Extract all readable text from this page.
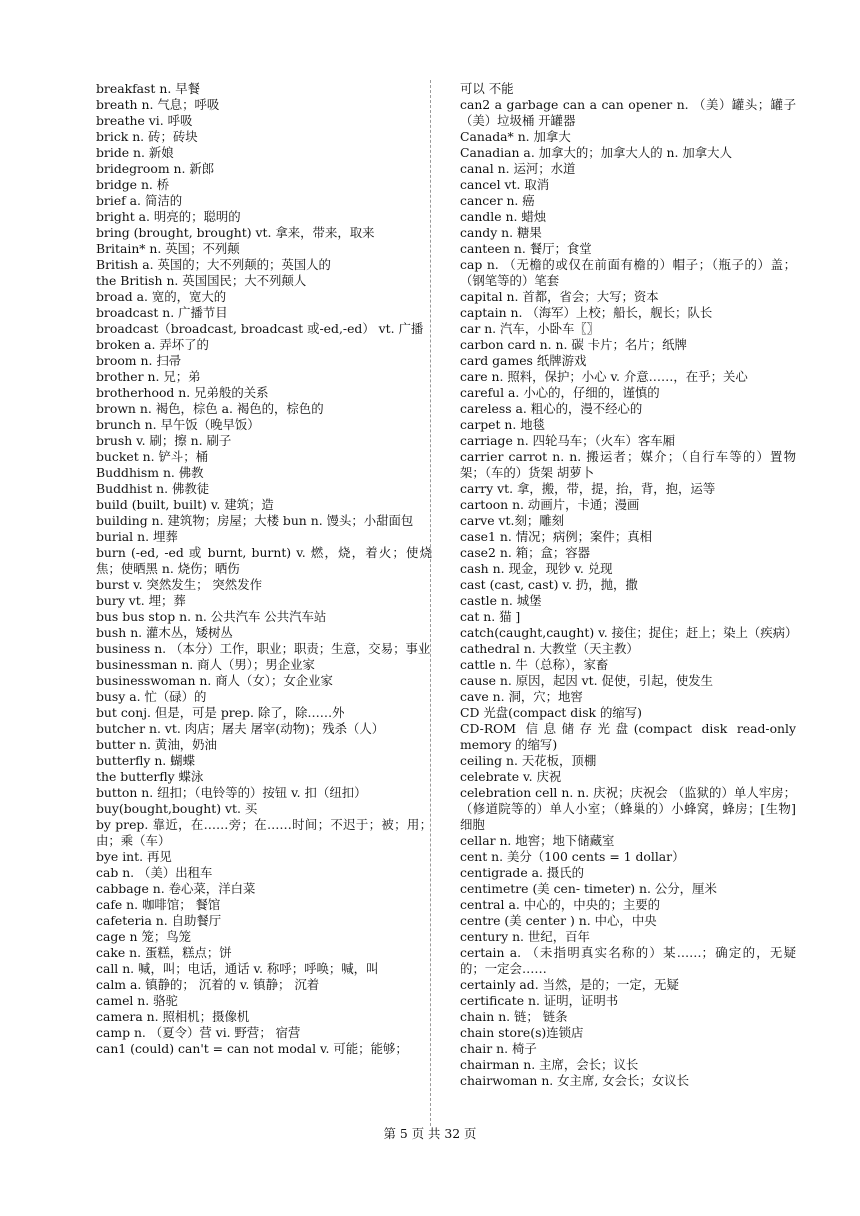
breakfast n. 早餐
breath n. 气息；呼吸
breathe vi. 呼吸
brick n. 砖；砖块
bride n. 新娘
bridegroom n. 新郎
bridge n. 桥
brief a. 简洁的
bright a. 明亮的；聪明的
bring (brought, brought) vt. 拿来，带来，取来
Britain* n. 英国；不列颠
British a. 英国的；大不列颠的；英国人的
the British n. 英国国民；大不列颠人
broad a. 宽的，宽大的
broadcast n. 广播节目
broadcast（broadcast, broadcast 或-ed,-ed） vt. 广播
broken a. 弄坏了的
broom n. 扫帚
brother n. 兄；弟
brotherhood n. 兄弟般的关系
brown n. 褐色，棕色 a. 褐色的，棕色的
brunch n. 早午饭（晚早饭）
brush v. 刷；擦 n. 刷子
bucket n. 铲斗；桶
Buddhism n. 佛教
Buddhist n. 佛教徒
build (built, built) v. 建筑；造
building n. 建筑物；房屋；大楼 bun n. 馒头；小甜面包
burial n. 埋葬
burn (-ed, -ed 或 burnt, burnt) v. 燃，烧，着火；使烧焦；使晒黑 n. 烧伤；晒伤
burst v. 突然发生； 突然发作
bury vt. 埋；葬
bus bus stop n. n. 公共汽车 公共汽车站
bush n. 灌木丛，矮树丛
business n. （本分）工作，职业；职责；生意，交易；事业
businessman n. 商人（男）；男企业家
businesswoman n. 商人（女）；女企业家
busy a. 忙（碌）的
but conj. 但是，可是 prep. 除了，除……外
butcher n. vt. 肉店；屠夫 屠宰(动物)；残杀（人）
butter n. 黄油，奶油
butterfly n. 蝴蝶
the butterfly 蝶泳
button n. 纽扣；（电铃等的）按钮 v. 扣（纽扣）
buy(bought,bought) vt. 买
by prep. 靠近，在……旁；在……时间；不迟于；被；用；由；乘（车）
bye int. 再见
cab n. （美）出租车
cabbage n. 卷心菜，洋白菜
cafe n. 咖啡馆； 餐馆
cafeteria n. 自助餐厅
cage n 笼；鸟笼
cake n. 蛋糕，糕点；饼
call n. 喊，叫；电话，通话 v. 称呼；呼唤；喊，叫
calm a. 镇静的； 沉着的 v. 镇静； 沉着
camel n. 骆驼
camera n. 照相机；摄像机
camp n. （夏令）营 vi. 野营； 宿营
can1 (could) can't = can not modal v. 可能；能够；
可以 不能
can2 a garbage can a can opener n. （美）罐头；罐子 （美）垃圾桶 开罐器
Canada* n. 加拿大
Canadian a. 加拿大的；加拿大人的 n. 加拿大人
canal n. 运河；水道
cancel vt. 取消
cancer n. 癌
candle n. 蜡烛
candy n. 糖果
canteen n. 餐厅；食堂
cap n. （无檐的或仅在前面有檐的）帽子；（瓶子的）盖；（钢笔等的）笔套
capital n. 首都，省会；大写；资本
captain n. （海军）上校；船长，舰长；队长
car n. 汽车，小卧车〖〗
carbon card n. n. 碳 卡片；名片；纸牌
card games 纸牌游戏
care n. 照料，保护；小心 v. 介意……，在乎；关心
careful a. 小心的，仔细的，谨慎的
careless a. 粗心的，漫不经心的
carpet n. 地毯
carriage n. 四轮马车；（火车）客车厢
carrier carrot n. n. 搬运者；媒介；（自行车等的）置物架；（车的）货架 胡萝卜
carry vt. 拿，搬，带，提，抬，背，抱，运等
cartoon n. 动画片，卡通；漫画
carve vt.刻；雕刻
case1 n. 情况；病例；案件；真相
case2 n. 箱；盒；容器
cash n. 现金，现钞 v. 兑现
cast (cast, cast) v. 扔，抛，撒
castle n. 城堡
cat n. 猫 ]
catch(caught,caught) v. 接住；捉住；赶上；染上（疾病）
cathedral n. 大教堂（天主教）
cattle n. 牛（总称），家畜
cause n. 原因，起因 vt. 促使，引起，使发生
cave n. 洞，穴；地窖
CD 光盘(compact disk 的缩写)
CD-ROM 信息储存光盘(compact disk read-only memory 的缩写)
ceiling n. 天花板，顶棚
celebrate v. 庆祝
celebration cell n. n. 庆祝；庆祝会 （监狱的）单人牢房；（修道院等的）单人小室；（蜂巢的）小蜂窝，蜂房；[生物] 细胞
cellar n. 地窖；地下储藏室
cent n. 美分（100 cents = 1 dollar）
centigrade a. 摄氏的
centimetre (美 cen- timeter) n. 公分，厘米
central a. 中心的，中央的；主要的
centre (美 center ) n. 中心，中央
century n. 世纪，百年
certain a. （未指明真实名称的）某……；确定的，无疑的；一定会……
certainly ad. 当然，是的；一定，无疑
certificate n. 证明，证明书
chain n. 链； 链条
chain store(s)连锁店
chair n. 椅子
chairman n. 主席，会长；议长
chairwoman n. 女主席, 女会长；女议长
第 5 页 共 32 页
